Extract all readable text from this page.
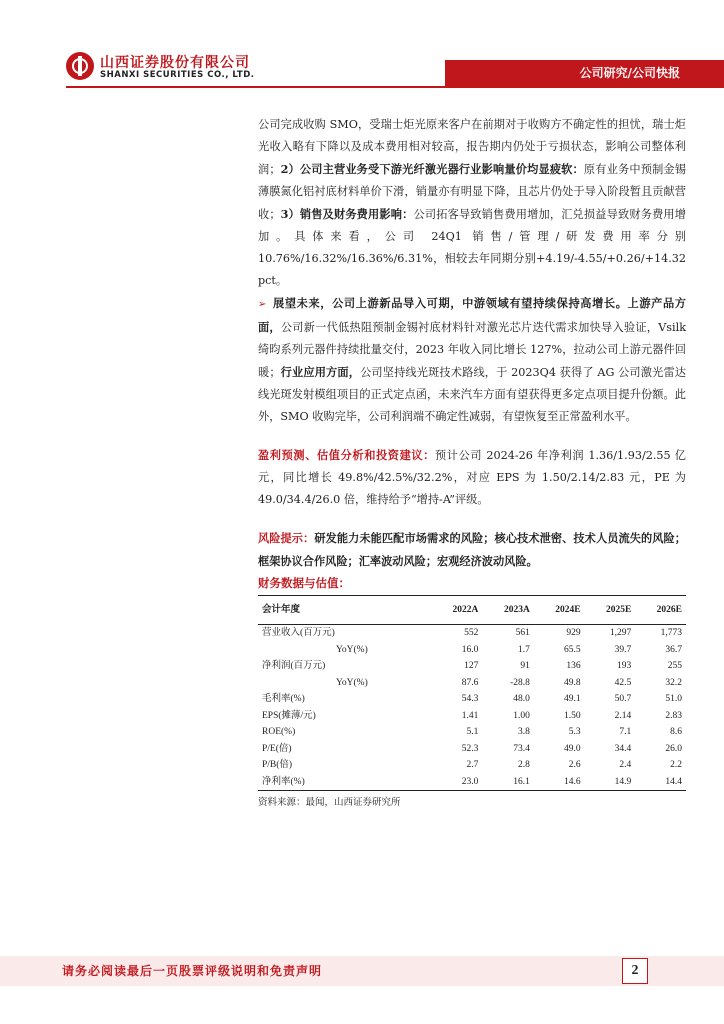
山西证券股份有限公司
SHANXI SECURITIES CO., LTD.	公司研究/公司快报

公司完成收购 SMO，受瑞士炬光原来客户在前期对于收购方不确定性的担忧，瑞士炬光收入略有下降以及成本费用相对较高，报告期内仍处于亏损状态，影响公司整体利润；2）公司主营业务受下游光纤激光器行业影响量价均显疲软：原有业务中预制金锡薄膜氮化铝衬底材料单价下滑，销量亦有明显下降，且芯片仍处于导入阶段暂且贡献营收；3）销售及财务费用影响：公司拓客导致销售费用增加，汇兑损益导致财务费用增加。具体来看，公司 24Q1 销售/管理/研发费用率分别 10.76%/16.32%/16.36%/6.31%，相较去年同期分别+4.19/-4.55/+0.26/+14.32 pct。

➢ 展望未来，公司上游新品导入可期，中游领域有望持续保持高增长。上游产品方面，公司新一代低热阻预制金锡衬底材料针对激光芯片迭代需求加快导入验证，Vsilk 绮昀系列元器件持续批量交付，2023 年收入同比增长 127%，拉动公司上游元器件回暖；行业应用方面，公司坚持线光斑技术路线，于 2023Q4 获得了 AG 公司激光雷达线光斑发射模组项目的正式定点函，未来汽车方面有望获得更多定点项目提升份额。此外，SMO 收购完毕，公司利润端不确定性减弱，有望恢复至正常盈利水平。

盈利预测、估值分析和投资建议：预计公司 2024-26 年净利润 1.36/1.93/2.55 亿元，同比增长 49.8%/42.5%/32.2%，对应 EPS 为 1.50/2.14/2.83 元，PE 为 49.0/34.4/26.0 倍，维持给予“增持-A”评级。

风险提示：研发能力未能匹配市场需求的风险；核心技术泄密、技术人员流失的风险；框架协议合作风险；汇率波动风险；宏观经济波动风险。

财务数据与估值：
会计年度	2022A	2023A	2024E	2025E	2026E
营业收入(百万元)	552	561	929	1,297	1,773
YoY(%)	16.0	1.7	65.5	39.7	36.7
净利润(百万元)	127	91	136	193	255
YoY(%)	87.6	-28.8	49.8	42.5	32.2
毛利率(%)	54.3	48.0	49.1	50.7	51.0
EPS(摊薄/元)	1.41	1.00	1.50	2.14	2.83
ROE(%)	5.1	3.8	5.3	7.1	8.6
P/E(倍)	52.3	73.4	49.0	34.4	26.0
P/B(倍)	2.7	2.8	2.6	2.4	2.2
净利率(%)	23.0	16.1	14.6	14.9	14.4
资料来源：最闻，山西证券研究所
请务必阅读最后一页股票评级说明和免责声明	2
